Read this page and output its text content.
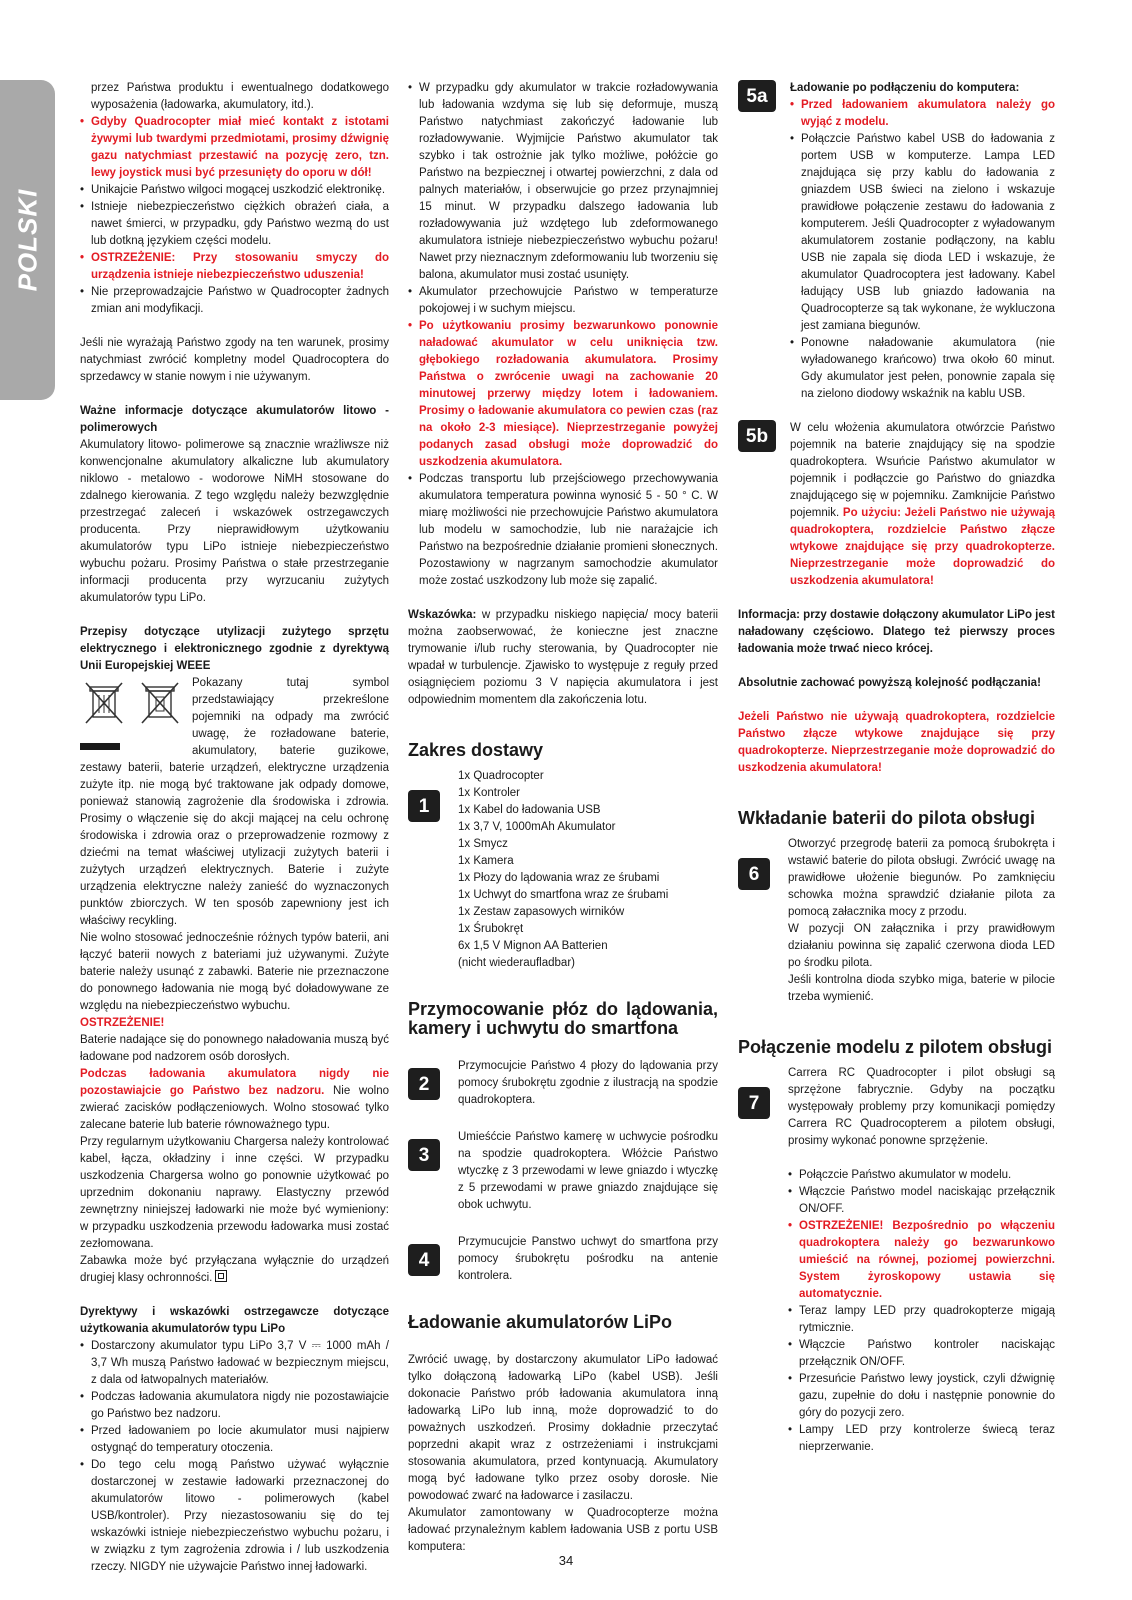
POLSKI

przez Państwa produktu i ewentualnego dodatkowego wyposażenia (ładowarka, akumulatory, itd.).

• Gdyby Quadrocopter miał mieć kontakt z istotami żywymi lub twardymi przedmiotami, prosimy dźwignię gazu natychmiast przestawić na pozycję zero, tzn. lewy joystick musi być przesunięty do oporu w dół!
• Unikajcie Państwo wilgoci mogącej uszkodzić elektronikę.
• Istnieje niebezpieczeństwo ciężkich obrażeń ciała, a nawet śmierci, w przypadku, gdy Państwo wezmą do ust lub dotkną językiem części modelu.
• OSTRZEŻENIE: Przy stosowaniu smyczy do urządzenia istnieje niebezpieczeństwo uduszenia!
• Nie przeprowadzajcie Państwo w Quadrocopter żadnych zmian ani modyfikacji.

Jeśli nie wyrażają Państwo zgody na ten warunek, prosimy natychmiast zwrócić kompletny model Quadrocoptera do sprzedawcy w stanie nowym i nie używanym.

Ważne informacje dotyczące akumulatorów litowo - polimerowych

Akumulatory litowo- polimerowe są znacznie wrażliwsze niż konwencjonalne akumulatory alkaliczne lub akumulatory niklowo - metalowo - wodorowe NiMH stosowane do zdalnego kierowania. Z tego względu należy bezwzględnie przestrzegać zaleceń i wskazówek ostrzegawczych producenta. Przy nieprawidłowym użytkowaniu akumulatorów typu LiPo istnieje niebezpieczeństwo wybuchu pożaru. Prosimy Państwa o stałe przestrzeganie informacji producenta przy wyrzucaniu zużytych akumulatorów typu LiPo.

Przepisy dotyczące utylizacji zużytego sprzętu elektrycznego i elektronicznego zgodnie z dyrektywą Unii Europejskiej WEEE

Pokazany tutaj symbol przedstawiający przekreślone pojemniki na odpady ma zwrócić uwagę, że rozładowane baterie, akumulatory, baterie guzikowe, zestawy baterii, baterie urządzeń, elektryczne urządzenia zużyte itp. nie mogą być traktowane jak odpady domowe, ponieważ stanowią zagrożenie dla środowiska i zdrowia. Prosimy o włączenie się do akcji mającej na celu ochronę środowiska i zdrowia oraz o przeprowadzenie rozmowy z dziećmi na temat właściwej utylizacji zużytych baterii i zużytych urządzeń elektrycznych. Baterie i zużyte urządzenia elektryczne należy zanieść do wyznaczonych punktów zbiorczych. W ten sposób zapewniony jest ich właściwy recykling.

Nie wolno stosować jednocześnie różnych typów baterii, ani łączyć baterii nowych z bateriami już używanymi. Zużyte baterie należy usunąć z zabawki. Baterie nie przeznaczone do ponownego ładowania nie mogą być doładowywane ze względu na niebezpieczeństwo wybuchu.

OSTRZEŻENIE!

Baterie nadające się do ponownego naładowania muszą być ładowane pod nadzorem osób dorosłych.

Podczas ładowania akumulatora nigdy nie pozostawiajcie go Państwo bez nadzoru. Nie wolno zwierać zacisków podłączeniowych. Wolno stosować tylko zalecane baterie lub baterie równoważnego typu.

Przy regularnym użytkowaniu Chargersa należy kontrolować kabel, łącza, okładziny i inne części. W przypadku uszkodzenia Chargersa wolno go ponownie użytkować po uprzednim dokonaniu naprawy. Elastyczny przewód zewnętrzny niniejszej ładowarki nie może być wymieniony: w przypadku uszkodzenia przewodu ładowarka musi zostać zezłomowana.

Zabawka może być przyłączana wyłącznie do urządzeń drugiej klasy ochronności.

Dyrektywy i wskazówki ostrzegawcze dotyczące użytkowania akumulatorów typu LiPo

• Dostarczony akumulator typu LiPo 3,7 V ⎓ 1000 mAh / 3,7 Wh muszą Państwo ładować w bezpiecznym miejscu, z dala od łatwopalnych materiałów.
• Podczas ładowania akumulatora nigdy nie pozostawiajcie go Państwo bez nadzoru.
• Przed ładowaniem po locie akumulator musi najpierw ostygnąć do temperatury otoczenia.
• Do tego celu mogą Państwo używać wyłącznie dostarczonej w zestawie ładowarki przeznaczonej do akumulatorów litowo - polimerowych (kabel USB/kontroler). Przy niezastosowaniu się do tej wskazówki istnieje niebezpieczeństwo wybuchu pożaru, i w związku z tym zagrożenia zdrowia i / lub uszkodzenia rzeczy. NIGDY nie używajcie Państwo innej ładowarki.
• W przypadku gdy akumulator w trakcie rozładowywania lub ładowania wzdyma się lub się deformuje, muszą Państwo natychmiast zakończyć ładowanie lub rozładowywanie. Wyjmijcie Państwo akumulator tak szybko i tak ostrożnie jak tylko możliwe, połóżcie go Państwo na bezpiecznej i otwartej powierzchni, z dala od palnych materiałów, i obserwujcie go przez przynajmniej 15 minut. W przypadku dalszego ładowania lub rozładowywania już wzdętego lub zdeformowanego akumulatora istnieje niebezpieczeństwo wybuchu pożaru! Nawet przy nieznacznym zdeformowaniu lub tworzeniu się balona, akumulator musi zostać usunięty.
• Akumulator przechowujcie Państwo w temperaturze pokojowej i w suchym miejscu.
• Po użytkowaniu prosimy bezwarunkowo ponownie naładować akumulator w celu uniknięcia tzw. głębokiego rozładowania akumulatora. Prosimy Państwa o zwrócenie uwagi na zachowanie 20 minutowej przerwy między lotem i ładowaniem. Prosimy o ładowanie akumulatora co pewien czas (raz na około 2-3 miesiące). Nieprzestrzeganie powyżej podanych zasad obsługi może doprowadzić do uszkodzenia akumulatora.
• Podczas transportu lub przejściowego przechowywania akumulatora temperatura powinna wynosić 5 - 50 ° C. W miarę możliwości nie przechowujcie Państwo akumulatora lub modelu w samochodzie, lub nie narażajcie ich Państwo na bezpośrednie działanie promieni słonecznych. Pozostawiony w nagrzanym samochodzie akumulator może zostać uszkodzony lub może się zapalić.

Wskazówka: w przypadku niskiego napięcia/ mocy baterii można zaobserwować, że konieczne jest znaczne trymowanie i/lub ruchy sterowania, by Quadrocopter nie wpadał w turbulencje. Zjawisko to występuje z reguły przed osiągnięciem poziomu 3 V napięcia akumulatora i jest odpowiednim momentem dla zakończenia lotu.

Zakres dostawy
1
1x Quadrocopter
1x Kontroler
1x Kabel do ładowania USB
1x 3,7 V, 1000mAh Akumulator
1x Smycz
1x Kamera
1x Płozy do lądowania wraz ze śrubami
1x Uchwyt do smartfona wraz ze śrubami
1x Zestaw zapasowych wirników
1x Śrubokręt
6x 1,5 V Mignon AA Batterien
(nicht wiederaufladbar)
Przymocowanie płóz do lądowania, kamery i uchwytu do smartfona
2
Przymocujcie Państwo 4 płozy do lądowania przy pomocy śrubokrętu zgodnie z ilustracją na spodzie quadrokoptera.
3
Umieśćcie Państwo kamerę w uchwycie pośrodku na spodzie quadrokoptera. Włóżcie Państwo wtyczkę z 3 przewodami w lewe gniazdo i wtyczkę z 5 przewodami w prawe gniazdo znajdujące się obok uchwytu.
4
Przymucujcie Panstwo uchwyt do smartfona przy pomocy śrubokrętu pośrodku na antenie kontrolera.
Ładowanie akumulatorów LiPo

Zwrócić uwagę, by dostarczony akumulator LiPo ładować tylko dołączoną ładowarką LiPo (kabel USB). Jeśli dokonacie Państwo prób ładowania akumulatora inną ładowarką LiPo lub inną, może doprowadzić to do poważnych uszkodzeń. Prosimy dokładnie przeczytać poprzedni akapit wraz z ostrzeżeniami i instrukcjami stosowania akumulatora, przed kontynuacją. Akumulatory mogą być ładowane tylko przez osoby dorosłe. Nie powodować zwarć na ładowarce i zasilaczu.

Akumulator zamontowany w Quadrocopterze można ładować przynależnym kablem ładowania USB z portu USB komputera:

5a	Ładowanie po podłączeniu do komputera:

• Przed ładowaniem akumulatora należy go wyjąć z modelu.
• Połączcie Państwo kabel USB do ładowania z portem USB w komputerze. Lampa LED znajdująca się przy kablu do ładowania z gniazdem USB świeci na zielono i wskazuje prawidłowe połączenie zestawu do ładowania z komputerem. Jeśli Quadrocopter z wyładowanym akumulatorem zostanie podłączony, na kablu USB nie zapala się dioda LED i wskazuje, że akumulator Quadrocoptera jest ładowany. Kabel ładujący USB lub gniazdo ładowania na Quadrocopterze są tak wykonane, że wykluczona jest zamiana biegunów.
• Ponowne naładowanie akumulatora (nie wyładowanego krańcowo) trwa około 60 minut. Gdy akumulator jest pełen, ponownie zapala się na zielono diodowy wskaźnik na kablu USB.
5b	W celu włożenia akumulatora otwórzcie Państwo pojemnik na baterie znajdujący się na spodzie quadrokoptera. Wsuńcie Państwo akumulator w pojemnik i podłączcie go Państwo do gniazdka znajdującego się w pojemniku. Zamknijcie Państwo pojemnik. Po użyciu: Jeżeli Państwo nie używają quadrokoptera, rozdzielcie Państwo złącze wtykowe znajdujące się przy quadrokopterze. Nieprzestrzeganie może doprowadzić do uszkodzenia akumulatora!

Informacja: przy dostawie dołączony akumulator LiPo jest naładowany częściowo. Dlatego też pierwszy proces ładowania może trwać nieco krócej.

Absolutnie zachować powyższą kolejność podłączania!

Jeżeli Państwo nie używają quadrokoptera, rozdzielcie Państwo złącze wtykowe znajdujące się przy quadrokopterze. Nieprzestrzeganie może doprowadzić do uszkodzenia akumulatora!

Wkładanie baterii do pilota obsługi
6

Otworzyć przegrodę baterii za pomocą śrubokręta i wstawić baterie do pilota obsługi. Zwrócić uwagę na prawidłowe ułożenie biegunów. Po zamknięciu schowka można sprawdzić działanie pilota za pomocą załacznika mocy z przodu.

W pozycji ON załącznika i przy prawidłowym działaniu powinna się zapalić czerwona dioda LED po środku pilota.

Jeśli kontrolna dioda szybko miga, baterie w pilocie trzeba wymienić.

Połączenie modelu z pilotem obsługi
7
Carrera RC Quadrocopter i pilot obsługi są sprzężone fabrycznie. Gdyby na początku występowały problemy przy komunikacji pomiędzy Carrera RC Quadrocopterem a pilotem obsługi, prosimy wykonać ponowne sprzężenie.
• Połączcie Państwo akumulator w modelu.
• Włączcie Państwo model naciskając przełącznik ON/OFF.
• OSTRZEŻENIE! Bezpośrednio po włączeniu quadrokoptera należy go bezwarunkowo umieścić na równej, poziomej powierzchni. System żyroskopowy ustawia się automatycznie.
• Teraz lampy LED przy quadrokopterze migają rytmicznie.
• Włączcie Państwo kontroler naciskając przełącznik ON/OFF.
• Przesuńcie Państwo lewy joystick, czyli dźwignię gazu, zupełnie do dołu i następnie ponownie do góry do pozycji zero.
• Lampy LED przy kontrolerze świecą teraz nieprzerwanie.
34
